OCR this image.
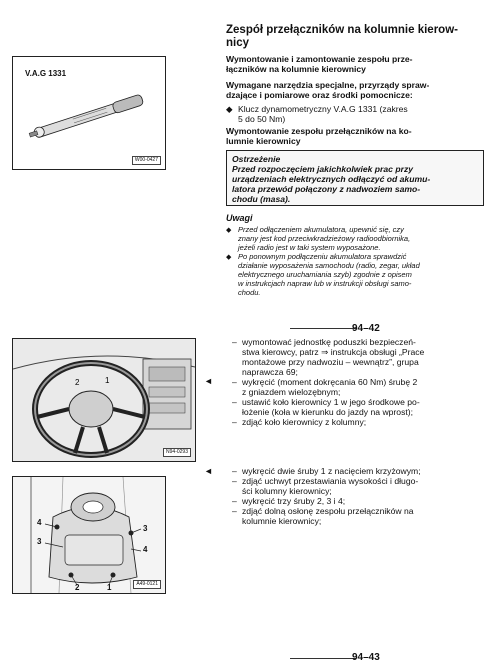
Zespół przełączników na kolumnie kierow-
nicy
V.A.G 1331
W00-0427
Wymontowanie i zamontowanie zespołu prze-
łączników na kolumnie kierownicy
Wymagane narzędzia specjalne, przyrządy spraw-
dzające i pomiarowe oraz środki pomocnicze:
◆ Klucz dynamometryczny V.A.G 1331 (zakres
5 do 50 Nm)
Wymontowanie zespołu przełączników na ko-
lumnie kierownicy
Ostrzeżenie
Przed rozpoczęciem jakichkolwiek prac przy
urządzeniach elektrycznych odłączyć od akumu-
latora przewód połączony z nadwoziem samo-
chodu (masa).
Uwagi
◆ Przed odłączeniem akumulatora, upewnić się, czy
znany jest kod przeciwkradzieżowy radioodbiornika,
jeżeli radio jest w taki system wyposażone.
◆ Po ponownym podłączeniu akumulatora sprawdzić
działanie wyposażenia samochodu (radio, zegar, układ
elektrycznego uruchamiania szyb) zgodnie z opisem
w instrukcjach napraw lub w instrukcji obsługi samo-
chodu.
94–42
2	1
N94-0293
◄
– wymontować jednostkę poduszki bezpieczeń-
stwa kierowcy, patrz ⇒ instrukcja obsługi „Prace
montażowe przy nadwoziu – wewnątrz”, grupa
naprawcza 69;
– wykręcić (moment dokręcania 60 Nm) śrubę 2
z gniazdem wielozębnym;
– ustawić koło kierownicy 1 w jego środkowe po-
łożenie (koła w kierunku do jazdy na wprost);
– zdjąć koło kierownicy z kolumny;
4
3
2	1
3
4
A49-0121
◄ – wykręcić dwie śruby 1 z nacięciem krzyżowym;
– zdjąć uchwyt przestawiania wysokości i długo-
ści kolumny kierownicy;
– wykręcić trzy śruby 2, 3 i 4;
– zdjąć dolną osłonę zespołu przełączników na
kolumnie kierownicy;
94–43
